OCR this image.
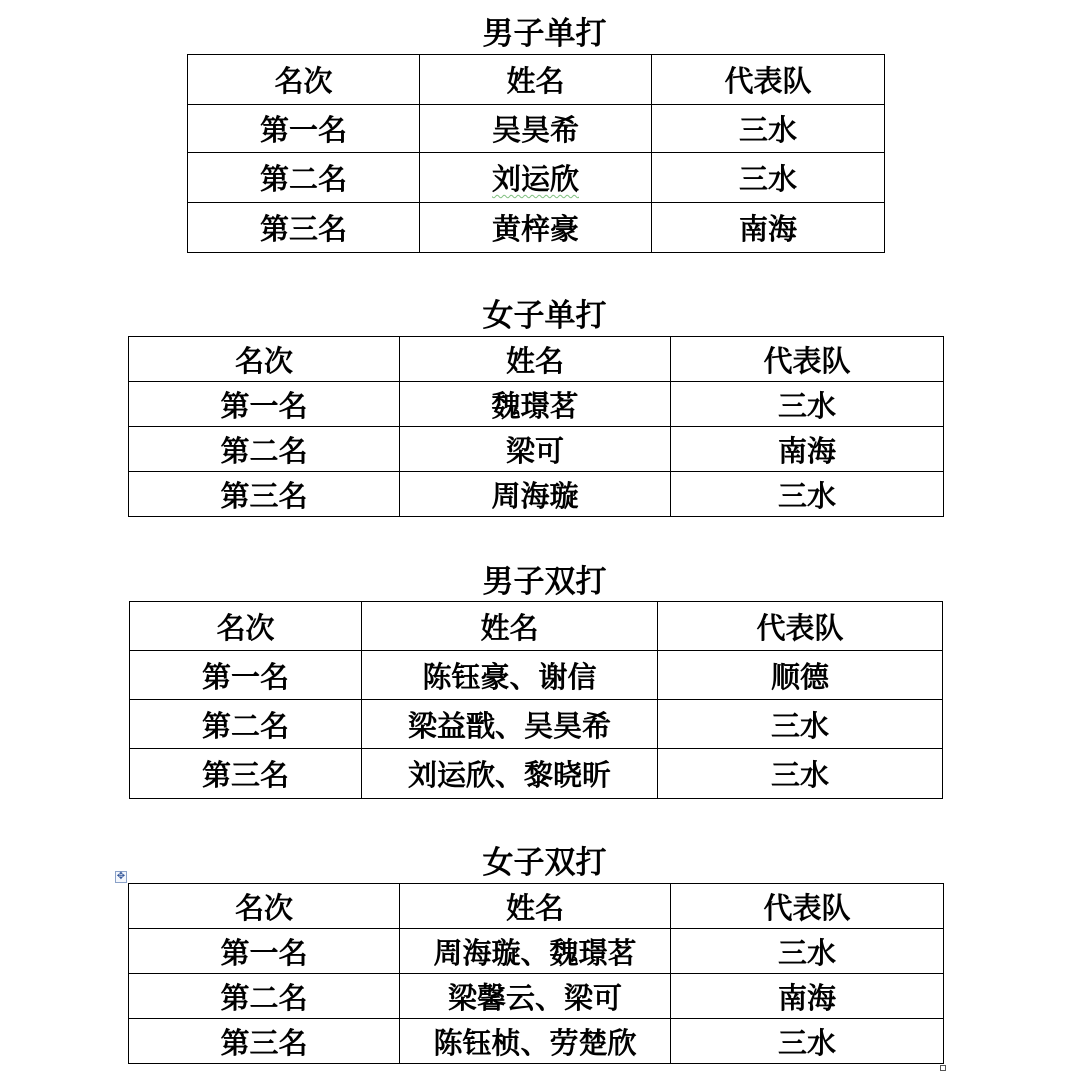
男子单打
名次	姓名	代表队
第一名	吴昊希	三水
第二名	刘运欣	三水
第三名	黄梓豪	南海
女子单打
名次	姓名	代表队
第一名	魏璟茗	三水
第二名	梁可	南海
第三名	周海璇	三水
男子双打
名次	姓名	代表队
第一名	陈钰豪、谢信	顺德
第二名	梁益戬、吴昊希	三水
第三名	刘运欣、黎晓昕	三水
女子双打
✥
名次	姓名	代表队
第一名	周海璇、魏璟茗	三水
第二名	梁馨云、梁可	南海
第三名	陈钰桢、劳楚欣	三水
